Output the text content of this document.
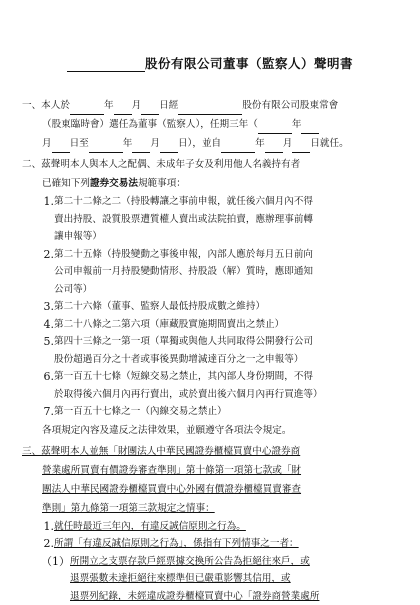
股份有限公司董事（監察人）聲明書
一、本人於	年 月 日經	股份有限公司股東常會
（股東臨時會）選任為董事（監察人），任期三年（	年
月 日至	年 月 日），並自	年 月 日就任。
二、茲聲明本人與本人之配偶、未成年子女及利用他人名義持有者
已確知下列證券交易法規範事項：
1. 第二十二條之二（持股轉讓之事前申報，就任後六個月內不得
賣出持股、設質股票遭質權人賣出或法院拍賣，應辦理事前轉
讓申報等）
2. 第二十五條（持股變動之事後申報，內部人應於每月五日前向
公司申報前一月持股變動情形、持股設（解）質時，應即通知
公司等）
3. 第二十六條（董事、監察人最低持股成數之維持）
4. 第二十八條之二第六項（庫藏股實施期間賣出之禁止）
5. 第四十三條之一第一項（單獨或與他人共同取得公開發行公司
股份超過百分之十者或事後異動增減達百分之一之申報等）
6. 第一百五十七條（短線交易之禁止，其內部人身份期間，不得
於取得後六個月內再行賣出，或於賣出後六個月內再行買進等）
7. 第一百五十七條之一（內線交易之禁止）
各項規定內容及違反之法律效果，並願遵守各項法令規定。
三、茲聲明本人並無「財團法人中華民國證券櫃檯買賣中心證券商
營業處所買賣有價證券審查準則」第十條第一項第七款或「財
團法人中華民國證券櫃檯買賣中心外國有價證券櫃檯買賣審查
準則」第九條第一項第三款規定之情事：
1. 就任時最近三年內，有違反誠信原則之行為。
2. 所謂「有違反誠信原則之行為」，係指有下列情事之一者：
（1） 所開立之支票存款戶經票據交換所公告為拒絕往來戶，或
退票張數未達拒絕往來標準但已嚴重影響其信用，或
退票列紀錄，未經違成證券櫃檯買賣中心「證券商營業處所
